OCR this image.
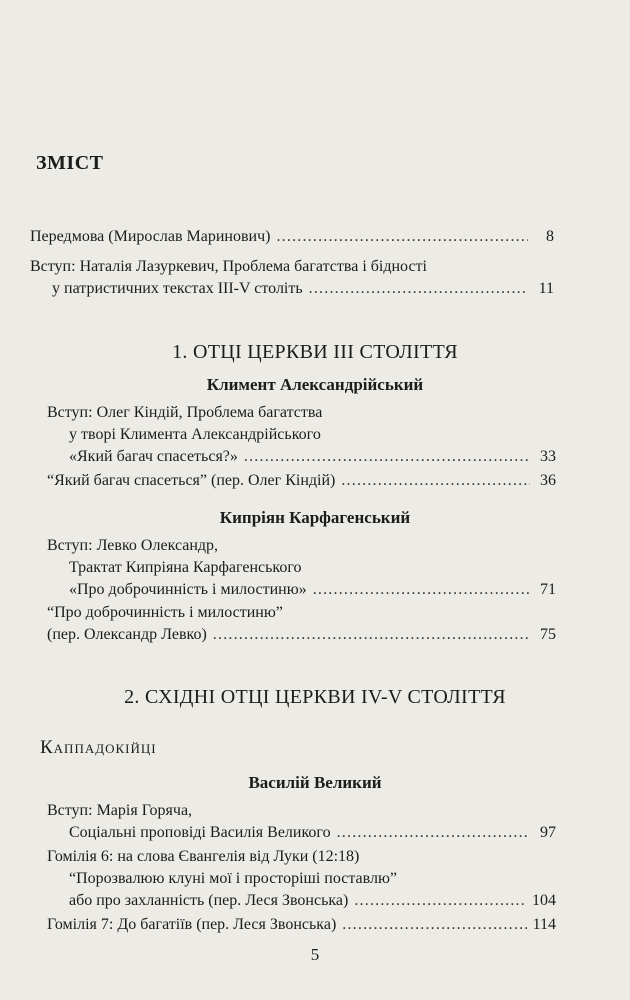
ЗМІСТ
Передмова (Мирослав Маринович) . . .	8
Вступ: Наталія Лазуркевич, Проблема багатства і бідності
у патристичних текстах III-V століть . . .	11
1. ОТЦІ ЦЕРКВИ III СТОЛІТТЯ
Климент Александрійський
Вступ: Олег Кіндій, Проблема багатства
у творі Климента Александрійського
«Який багач спасеться?» . . .	33
“Який багач спасеться” (пер. Олег Кіндій) . . .	36
Кипріян Карфагенський
Вступ: Левко Олександр,
Трактат Кипріяна Карфагенського
«Про доброчинність і милостиню» . . .	71
“Про доброчинність і милостиню”
(пер. Олександр Левко) . . .	75
2. СХІДНІ ОТЦІ ЦЕРКВИ IV-V СТОЛІТТЯ
Каппадокійці
Василій Великий
Вступ: Марія Горяча,
Соціальні проповіді Василія Великого . . .	97
Гомілія 6: на слова Євангелія від Луки (12:18)
“Порозвалюю клуні мої і просторіші поставлю”
або про захланність (пер. Леся Звонська) . . .	104
Гомілія 7: До багатіїв (пер. Леся Звонська) . . .	114
5
